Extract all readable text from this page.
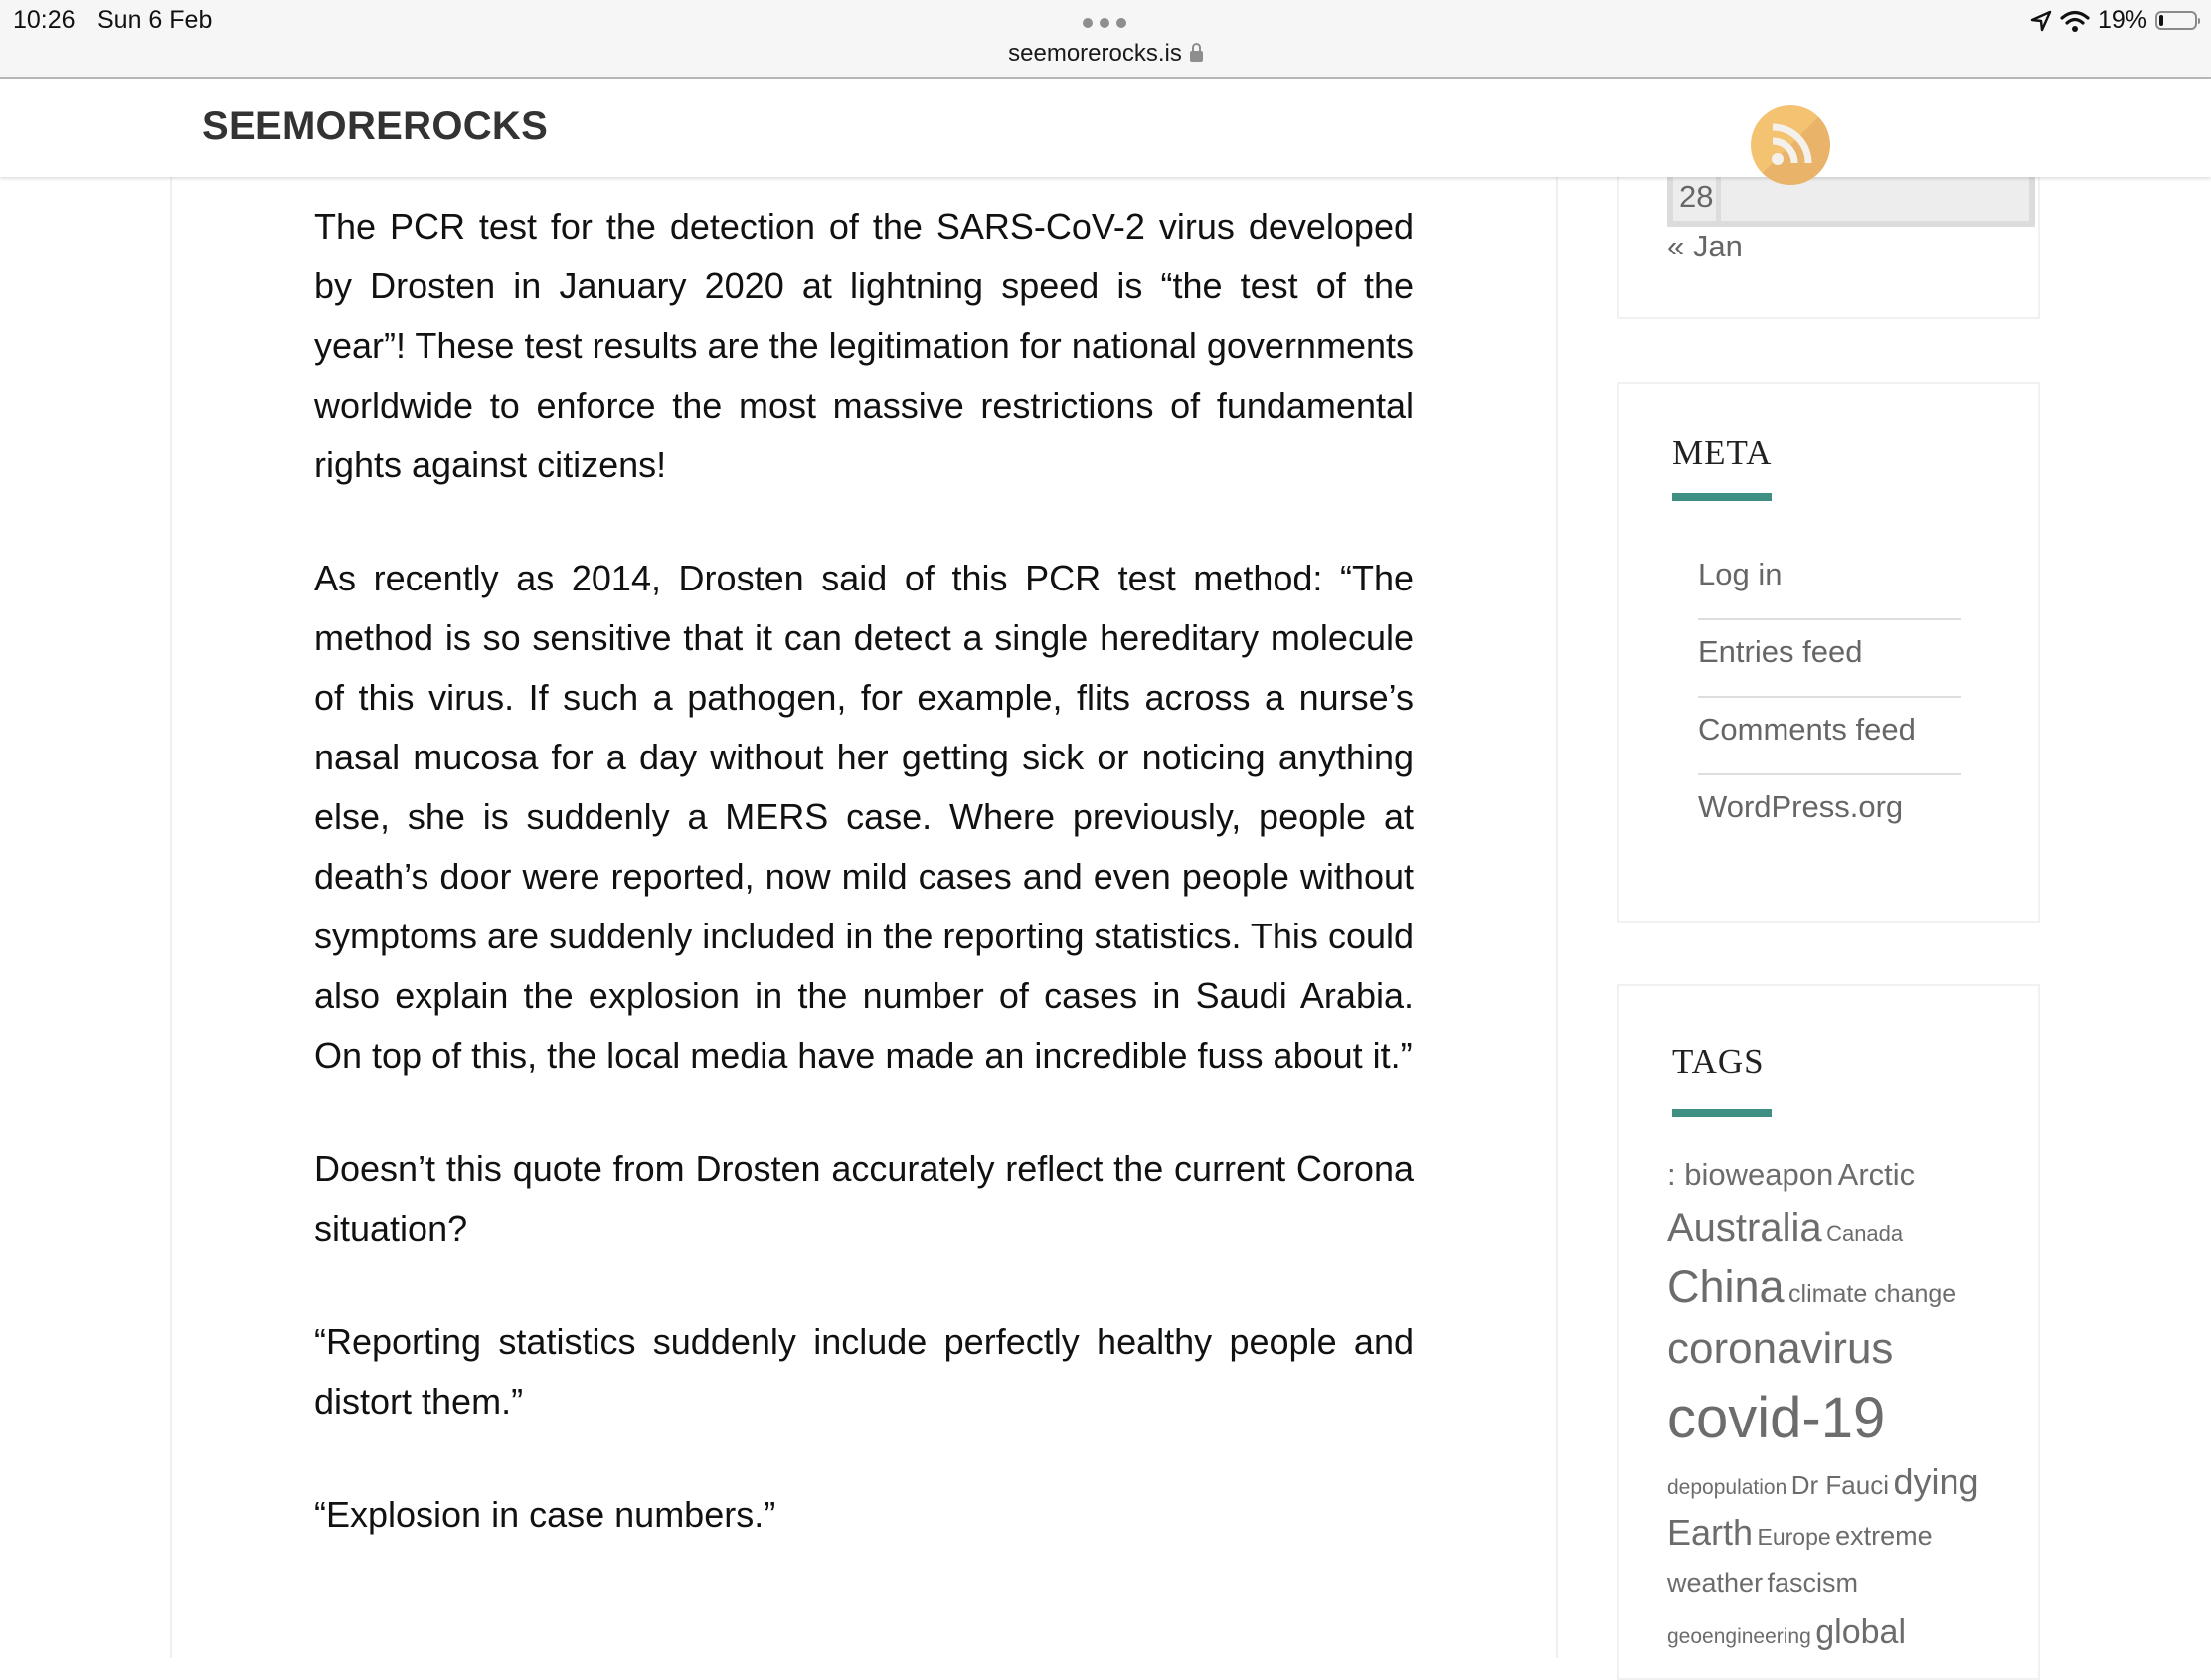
10:26 Sun 6 Feb
seemorerocks.is
19%
SEEMOREROCKS

The PCR test for the detection of the SARS-CoV-2 virus developed by Drosten in January 2020 at lightning speed is “the test of the year”! These test results are the legitimation for national governments worldwide to enforce the most massive restrictions of fundamental rights against citizens!

As recently as 2014, Drosten said of this PCR test method: “The method is so sensitive that it can detect a single hereditary molecule of this virus. If such a pathogen, for example, flits across a nurse’s nasal mucosa for a day without her getting sick or noticing anything else, she is suddenly a MERS case. Where previously, people at death’s door were reported, now mild cases and even people without symptoms are suddenly included in the reporting statistics. This could also explain the explosion in the number of cases in Saudi Arabia. On top of this, the local media have made an incredible fuss about it.”

Doesn’t this quote from Drosten accurately reflect the current Corona situation?

“Reporting statistics suddenly include perfectly healthy people and distort them.”

“Explosion in case numbers.”

28
« Jan
META
Log in
Entries feed
Comments feed
WordPress.org
TAGS
: bioweapon Arctic
Australia Canada
China climate change
coronavirus
covid-19
depopulation Dr Fauci dying
Earth Europe extreme
weather fascism
geoengineering global
